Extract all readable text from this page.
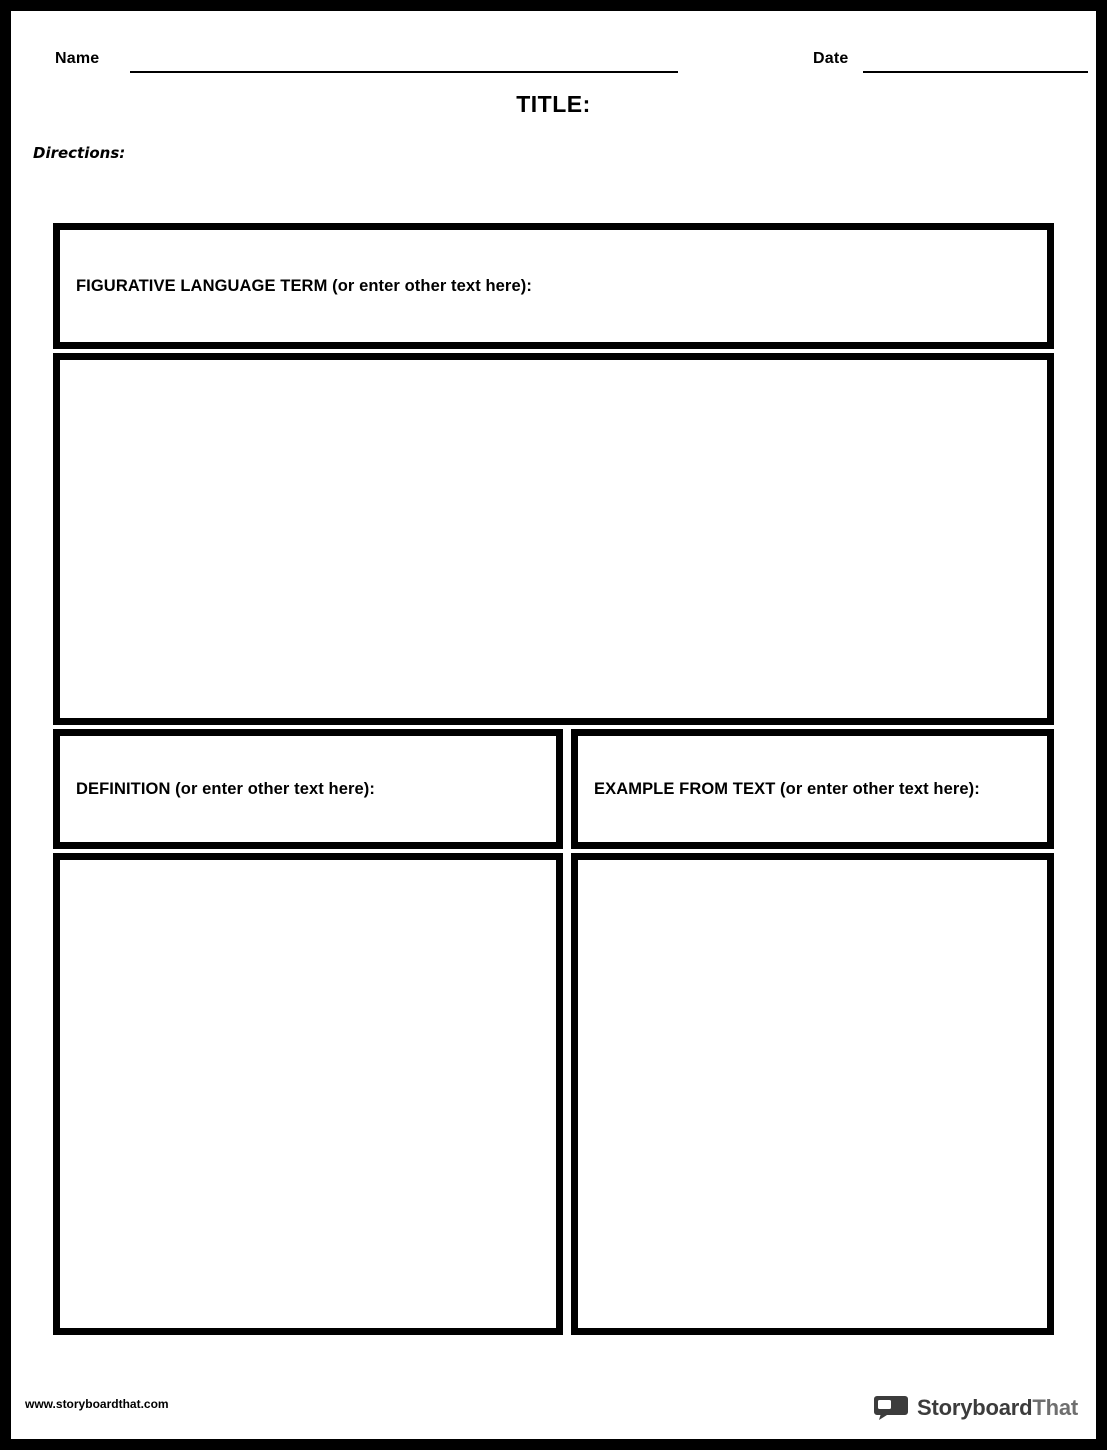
Name	Date
TITLE:
Directions:
FIGURATIVE LANGUAGE TERM (or enter other text here):
DEFINITION (or enter other text here):	EXAMPLE FROM TEXT (or enter other text here):
www.storyboardthat.com	StoryboardThat
